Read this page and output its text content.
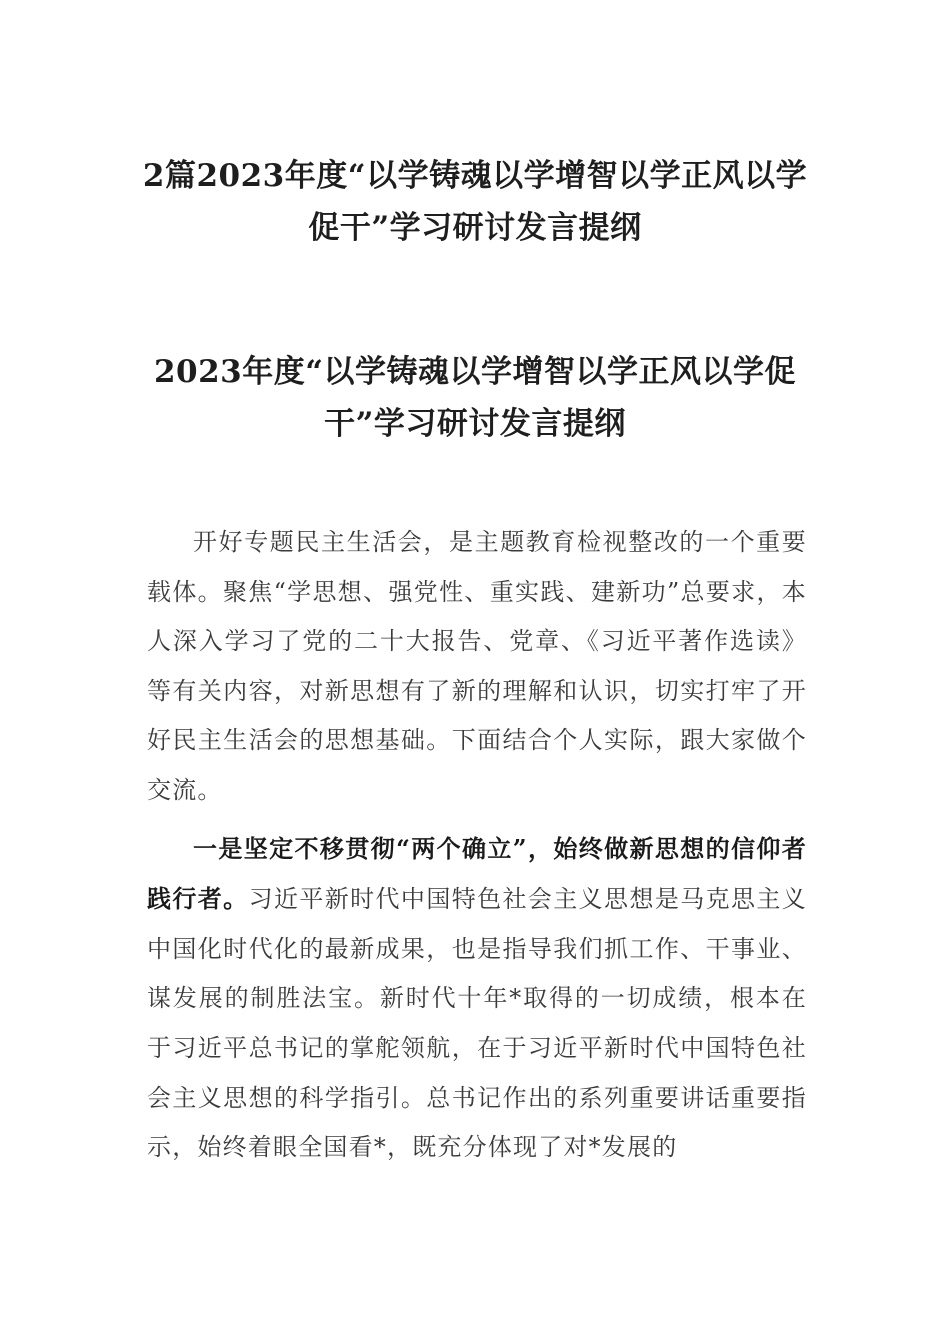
2篇2023年度“以学铸魂以学增智以学正风以学促干”学习研讨发言提纲
2023年度“以学铸魂以学增智以学正风以学促干”学习研讨发言提纲

开好专题民主生活会，是主题教育检视整改的一个重要载体。聚焦“学思想、强党性、重实践、建新功”总要求，本人深入学习了党的二十大报告、党章、《习近平著作选读》等有关内容，对新思想有了新的理解和认识，切实打牢了开好民主生活会的思想基础。下面结合个人实际，跟大家做个交流。

一是坚定不移贯彻“两个确立”，始终做新思想的信仰者践行者。习近平新时代中国特色社会主义思想是马克思主义中国化时代化的最新成果，也是指导我们抓工作、干事业、谋发展的制胜法宝。新时代十年*取得的一切成绩，根本在于习近平总书记的掌舵领航，在于习近平新时代中国特色社会主义思想的科学指引。总书记作出的系列重要讲话重要指示，始终着眼全国看*，既充分体现了对*发展的
